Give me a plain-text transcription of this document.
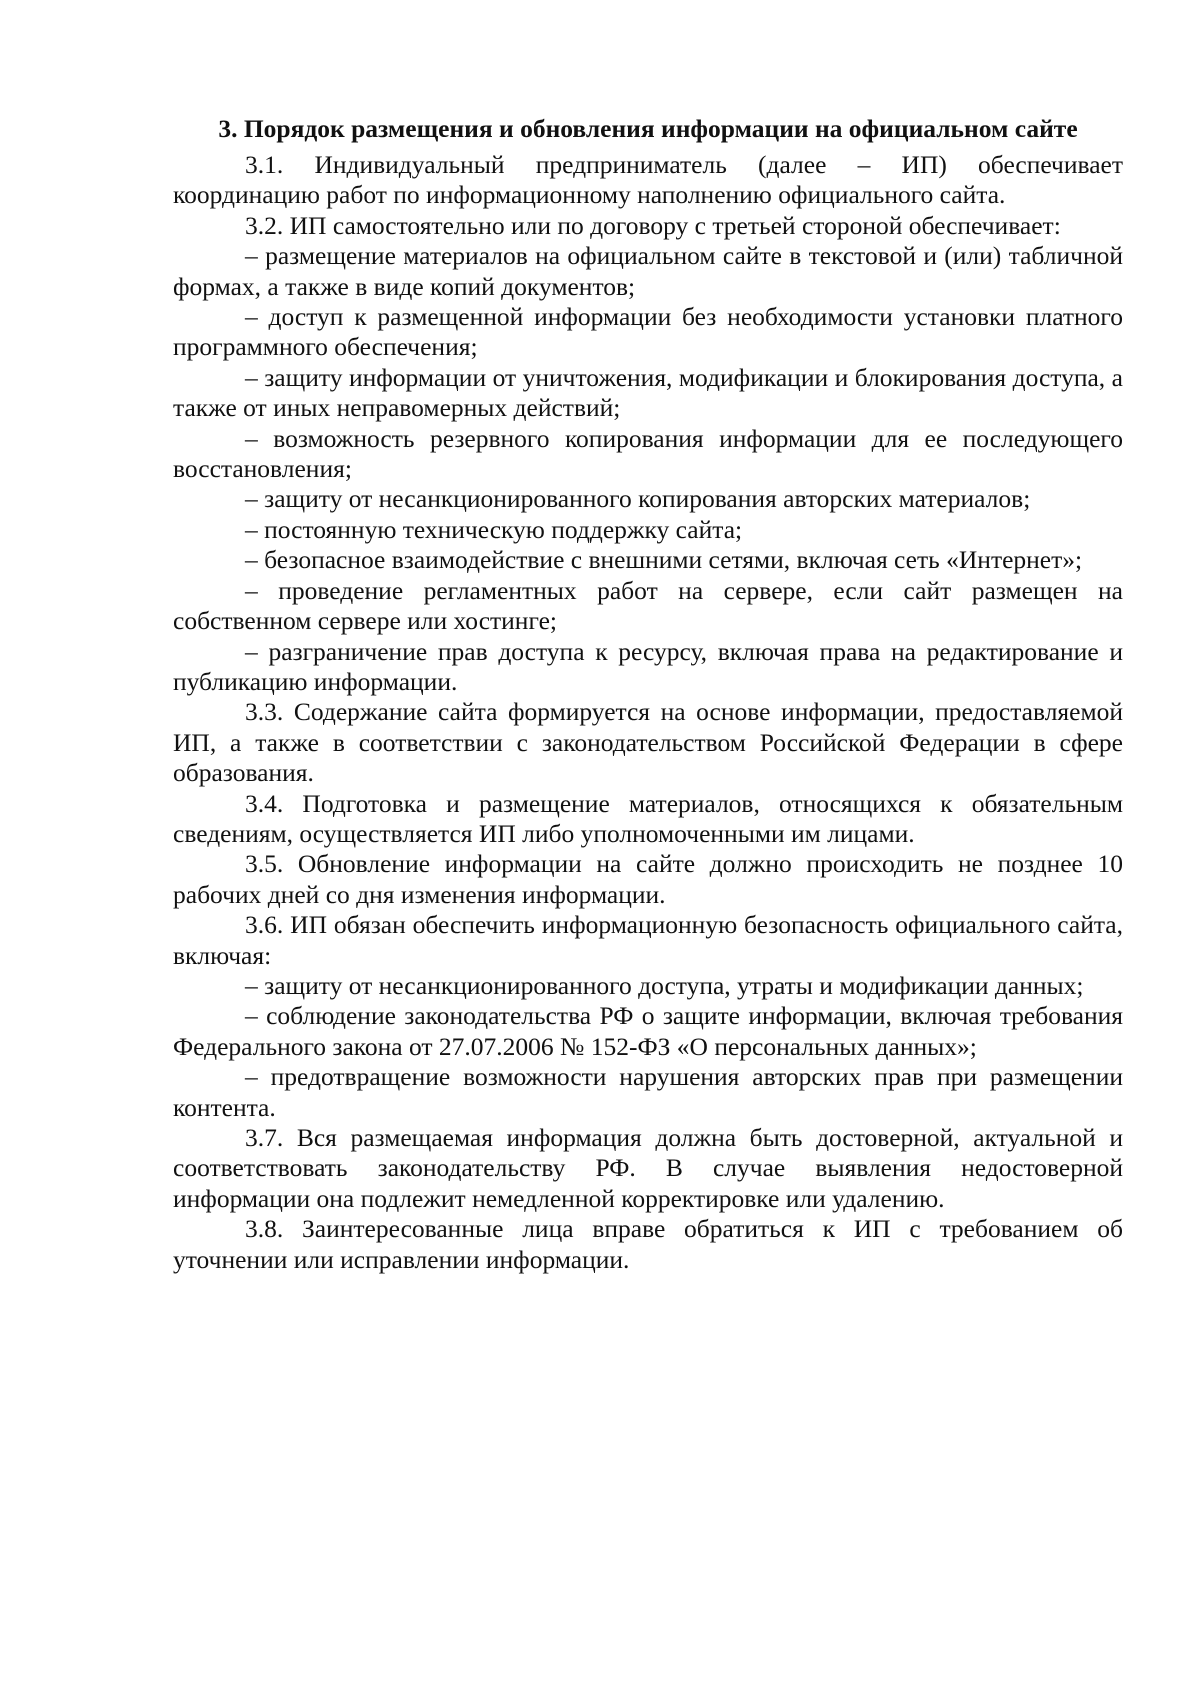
3. Порядок размещения и обновления информации на официальном сайте

3.1. Индивидуальный предприниматель (далее – ИП) обеспечивает координацию работ по информационному наполнению официального сайта.

3.2. ИП самостоятельно или по договору с третьей стороной обеспечивает:

– размещение материалов на официальном сайте в текстовой и (или) табличной формах, а также в виде копий документов;

– доступ к размещенной информации без необходимости установки платного программного обеспечения;

– защиту информации от уничтожения, модификации и блокирования доступа, а также от иных неправомерных действий;

– возможность резервного копирования информации для ее последующего восстановления;

– защиту от несанкционированного копирования авторских материалов;

– постоянную техническую поддержку сайта;

– безопасное взаимодействие с внешними сетями, включая сеть «Интернет»;

– проведение регламентных работ на сервере, если сайт размещен на собственном сервере или хостинге;

– разграничение прав доступа к ресурсу, включая права на редактирование и публикацию информации.

3.3. Содержание сайта формируется на основе информации, предоставляемой ИП, а также в соответствии с законодательством Российской Федерации в сфере образования.

3.4. Подготовка и размещение материалов, относящихся к обязательным сведениям, осуществляется ИП либо уполномоченными им лицами.

3.5. Обновление информации на сайте должно происходить не позднее 10 рабочих дней со дня изменения информации.

3.6. ИП обязан обеспечить информационную безопасность официального сайта, включая:

– защиту от несанкционированного доступа, утраты и модификации данных;

– соблюдение законодательства РФ о защите информации, включая требования Федерального закона от 27.07.2006 № 152-ФЗ «О персональных данных»;

– предотвращение возможности нарушения авторских прав при размещении контента.

3.7. Вся размещаемая информация должна быть достоверной, актуальной и соответствовать законодательству РФ. В случае выявления недостоверной информации она подлежит немедленной корректировке или удалению.

3.8. Заинтересованные лица вправе обратиться к ИП с требованием об уточнении или исправлении информации.
